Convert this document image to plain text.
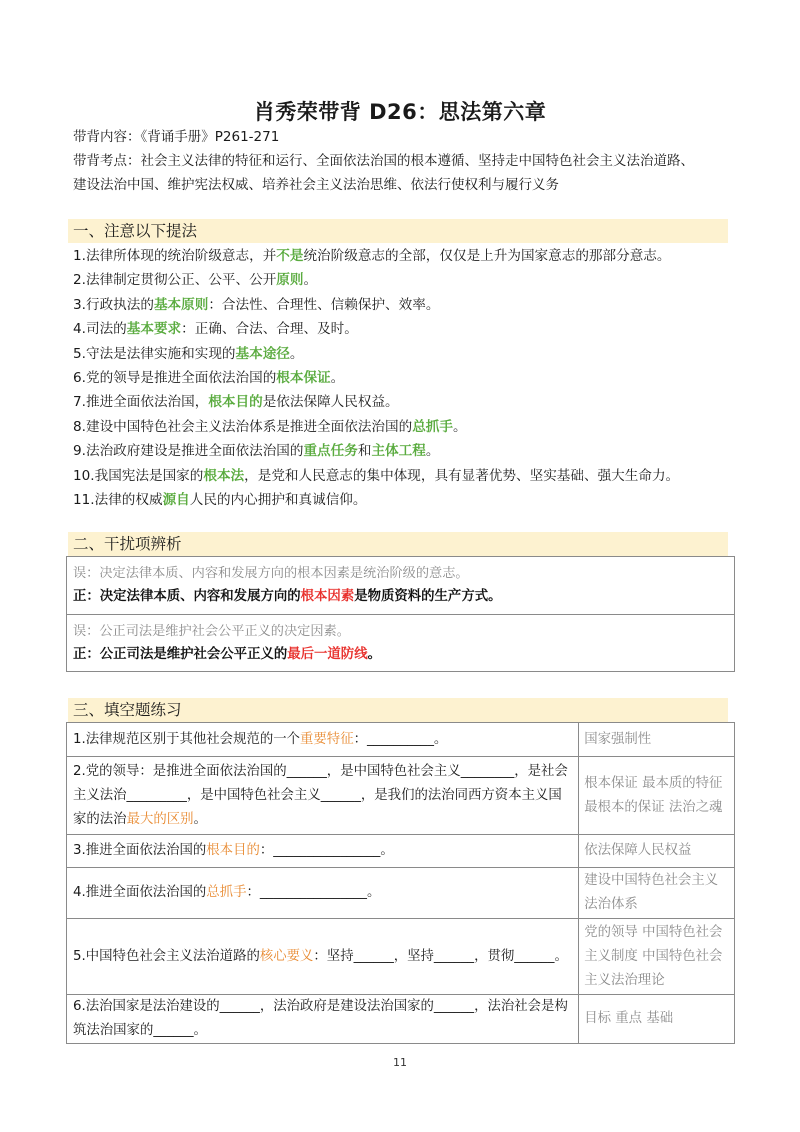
肖秀荣带背 D26：思法第六章
带背内容：《背诵手册》P261-271
带背考点：社会主义法律的特征和运行、全面依法治国的根本遵循、坚持走中国特色社会主义法治道路、
建设法治中国、维护宪法权威、培养社会主义法治思维、依法行使权利与履行义务
一、注意以下提法
1.法律所体现的统治阶级意志，并不是统治阶级意志的全部，仅仅是上升为国家意志的那部分意志。
2.法律制定贯彻公正、公平、公开原则。
3.行政执法的基本原则：合法性、合理性、信赖保护、效率。
4.司法的基本要求：正确、合法、合理、及时。
5.守法是法律实施和实现的基本途径。
6.党的领导是推进全面依法治国的根本保证。
7.推进全面依法治国，根本目的是依法保障人民权益。
8.建设中国特色社会主义法治体系是推进全面依法治国的总抓手。
9.法治政府建设是推进全面依法治国的重点任务和主体工程。
10.我国宪法是国家的根本法，是党和人民意志的集中体现，具有显著优势、坚实基础、强大生命力。
11.法律的权威源自人民的内心拥护和真诚信仰。
二、干扰项辨析
误：决定法律本质、内容和发展方向的根本因素是统治阶级的意志。
正：决定法律本质、内容和发展方向的根本因素是物质资料的生产方式。
误：公正司法是维护社会公平正义的决定因素。
正：公正司法是维护社会公平正义的最后一道防线。
三、填空题练习
1.法律规范区别于其他社会规范的一个重要特征：__________。	国家强制性
2.党的领导：是推进全面依法治国的______，是中国特色社会主义________，是社会主义法治_________，是中国特色社会主义______，是我们的法治同西方资本主义国家的法治最大的区别。	根本保证 最本质的特征 最根本的保证 法治之魂
3.推进全面依法治国的根本目的：________________。	依法保障人民权益
4.推进全面依法治国的总抓手：________________。	建设中国特色社会主义法治体系
5.中国特色社会主义法治道路的核心要义：坚持______，坚持______，贯彻______。	党的领导 中国特色社会主义制度 中国特色社会主义法治理论
6.法治国家是法治建设的______，法治政府是建设法治国家的______，法治社会是构筑法治国家的______。	目标 重点 基础
11
